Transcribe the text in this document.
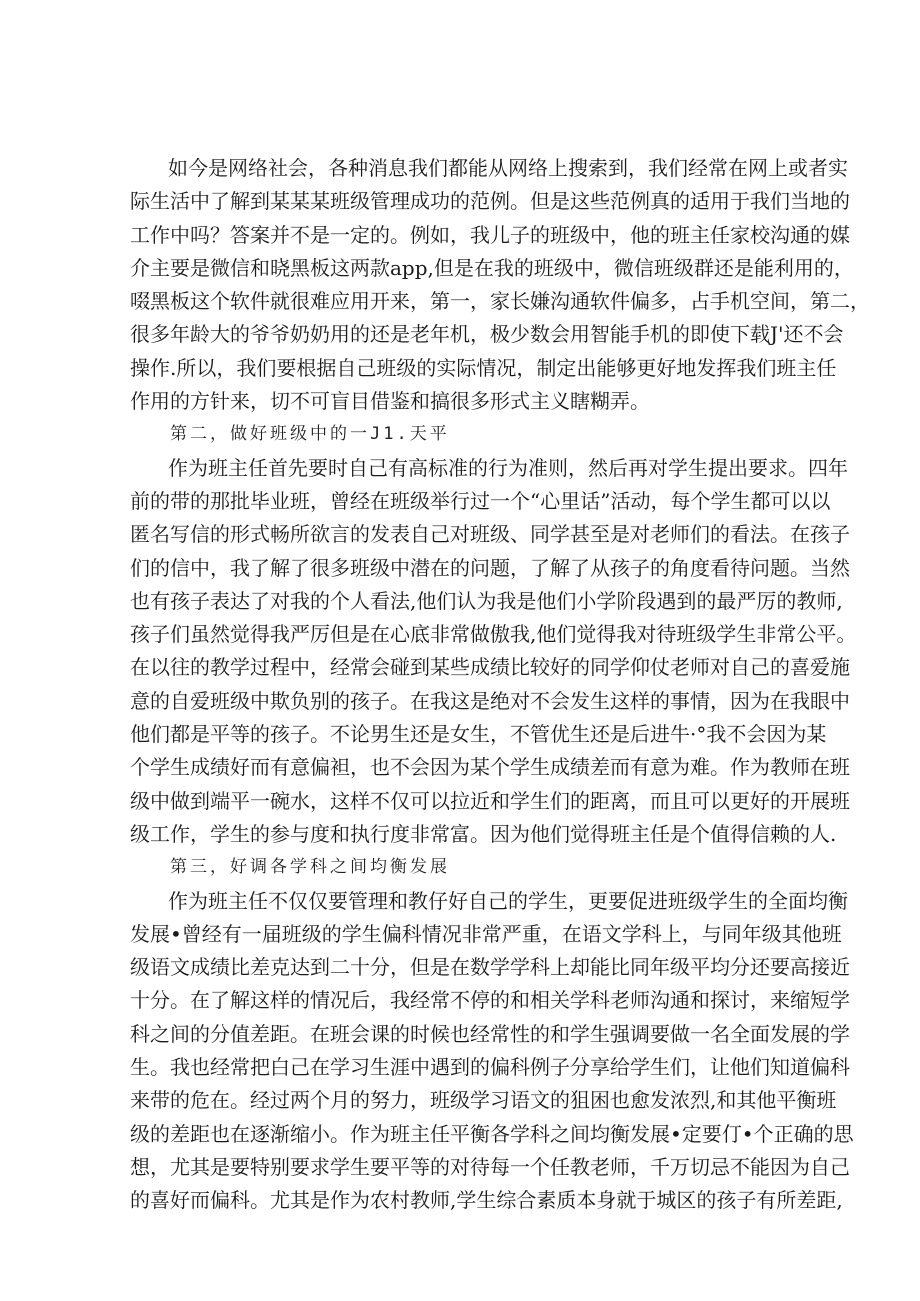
如今是网络社会，各种消息我们都能从网络上搜索到，我们经常在网上或者实
际生活中了解到某某某班级管理成功的范例。但是这些范例真的适用于我们当地的
工作中吗？答案并不是一定的。例如，我儿子的班级中，他的班主任家校沟通的媒
介主要是微信和晓黑板这两款app,但是在我的班级中，微信班级群还是能利用的，
啜黑板这个软件就很难应用开来，第一，家长嫌沟通软件偏多，占手机空间，第二，
很多年龄大的爷爷奶奶用的还是老年机，极少数会用智能手机的即使下载J'还不会
操作.所以，我们要根据自己班级的实际情况，制定出能够更好地发挥我们班主任
作用的方针来，切不可盲目借鉴和搞很多形式主义瞎糊弄。
第二，做好班级中的一J1.天平
作为班主任首先要时自己有高标准的行为准则，然后再对学生提出要求。四年
前的带的那批毕业班，曾经在班级举行过一个“心里话”活动，每个学生都可以以
匿名写信的形式畅所欲言的发表自己对班级、同学甚至是对老师们的看法。在孩子
们的信中，我了解了很多班级中潜在的问题，了解了从孩子的角度看待问题。当然
也有孩子表达了对我的个人看法,他们认为我是他们小学阶段遇到的最严厉的教师,
孩子们虽然觉得我严厉但是在心底非常做傲我,他们觉得我对待班级学生非常公平。
在以往的教学过程中，经常会碰到某些成绩比较好的同学仰仗老师对自己的喜爱施
意的自爱班级中欺负别的孩子。在我这是绝对不会发生这样的事情，因为在我眼中
他们都是平等的孩子。不论男生还是女生，不管优生还是后进牛·°我不会因为某
个学生成绩好而有意偏袒，也不会因为某个学生成绩差而有意为难。作为教师在班
级中做到端平一碗水，这样不仅可以拉近和学生们的距离，而且可以更好的开展班
级工作，学生的参与度和执行度非常富。因为他们觉得班主任是个值得信赖的人.
第三，好调各学科之间均衡发展
作为班主任不仅仅要管理和教仔好自己的学生，更要促进班级学生的全面均衡
发展•曾经有一届班级的学生偏科情况非常严重，在语文学科上，与同年级其他班
级语文成绩比差克达到二十分，但是在数学学科上却能比同年级平均分还要高接近
十分。在了解这样的情况后，我经常不停的和相关学科老师沟通和探讨，来缩短学
科之间的分值差距。在班会课的时候也经常性的和学生强调要做一名全面发展的学
生。我也经常把白己在学习生涯中遇到的偏科例子分享给学生们，让他们知道偏科
来带的危在。经过两个月的努力，班级学习语文的狙困也愈发浓烈,和其他平衡班
级的差距也在逐渐缩小。作为班主任平衡各学科之间均衡发展•定要仃•个正确的思
想，尤其是要特别要求学生要平等的对待每一个任教老师，千万切忌不能因为自己
的喜好而偏科。尤其是作为农村教师,学生综合素质本身就于城区的孩子有所差距,
